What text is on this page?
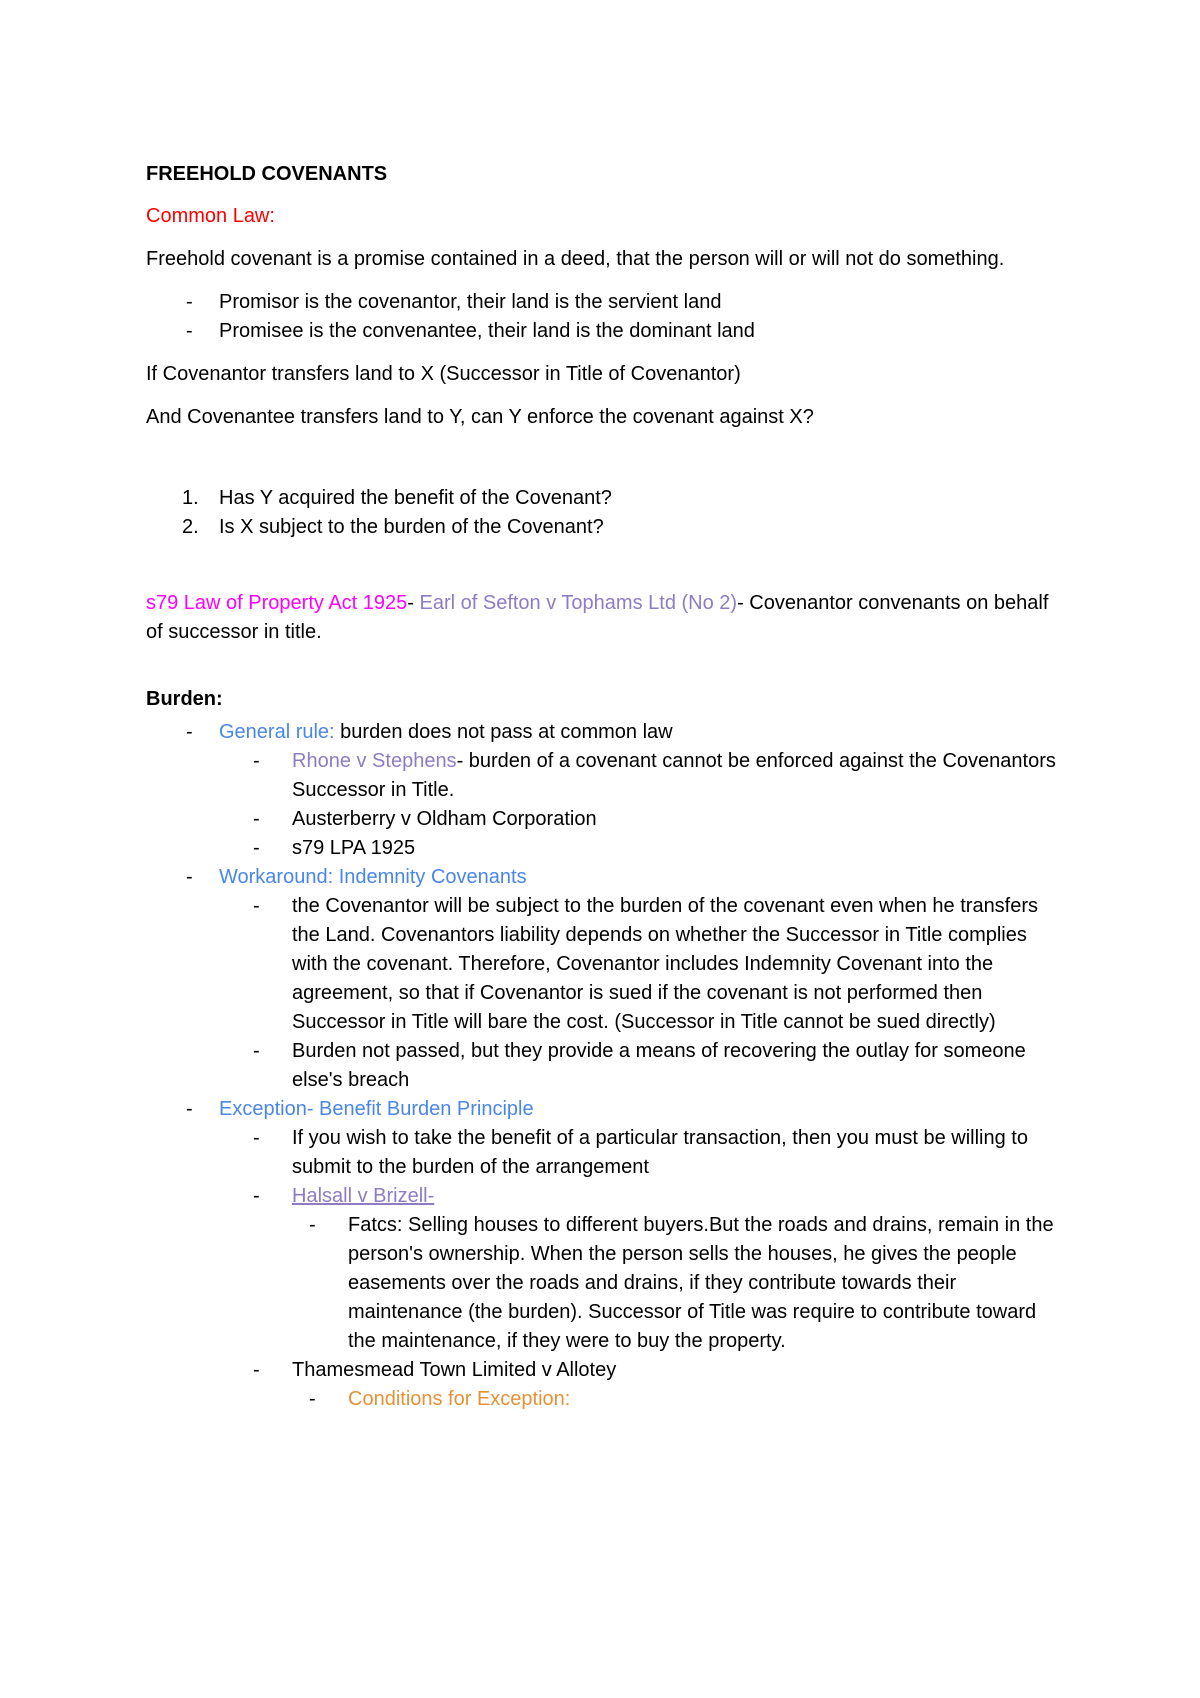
FREEHOLD COVENANTS

Common Law:

Freehold covenant is a promise contained in a deed, that the person will or will not do something.

- Promisor is the covenantor, their land is the servient land
- Promisee is the convenantee, their land is the dominant land

If Covenantor transfers land to X (Successor in Title of Covenantor)

And Covenantee transfers land to Y, can Y enforce the covenant against X?

1. Has Y acquired the benefit of the Covenant?
2. Is X subject to the burden of the Covenant?

s79 Law of Property Act 1925- Earl of Sefton v Tophams Ltd (No 2)- Covenantor convenants on behalf of successor in title.

Burden:

- General rule: burden does not pass at common law
- Rhone v Stephens- burden of a covenant cannot be enforced against the Covenantors Successor in Title.
- Austerberry v Oldham Corporation
- s79 LPA 1925
- Workaround: Indemnity Covenants
- the Covenantor will be subject to the burden of the covenant even when he transfers the Land. Covenantors liability depends on whether the Successor in Title complies with the covenant. Therefore, Covenantor includes Indemnity Covenant into the agreement, so that if Covenantor is sued if the covenant is not performed then Successor in Title will bare the cost. (Successor in Title cannot be sued directly)
- Burden not passed, but they provide a means of recovering the outlay for someone else's breach
- Exception- Benefit Burden Principle
- If you wish to take the benefit of a particular transaction, then you must be willing to submit to the burden of the arrangement
- Halsall v Brizell-
- Fatcs: Selling houses to different buyers.But the roads and drains, remain in the person's ownership. When the person sells the houses, he gives the people easements over the roads and drains, if they contribute towards their maintenance (the burden). Successor of Title was require to contribute toward the maintenance, if they were to buy the property.
- Thamesmead Town Limited v Allotey
- Conditions for Exception:
